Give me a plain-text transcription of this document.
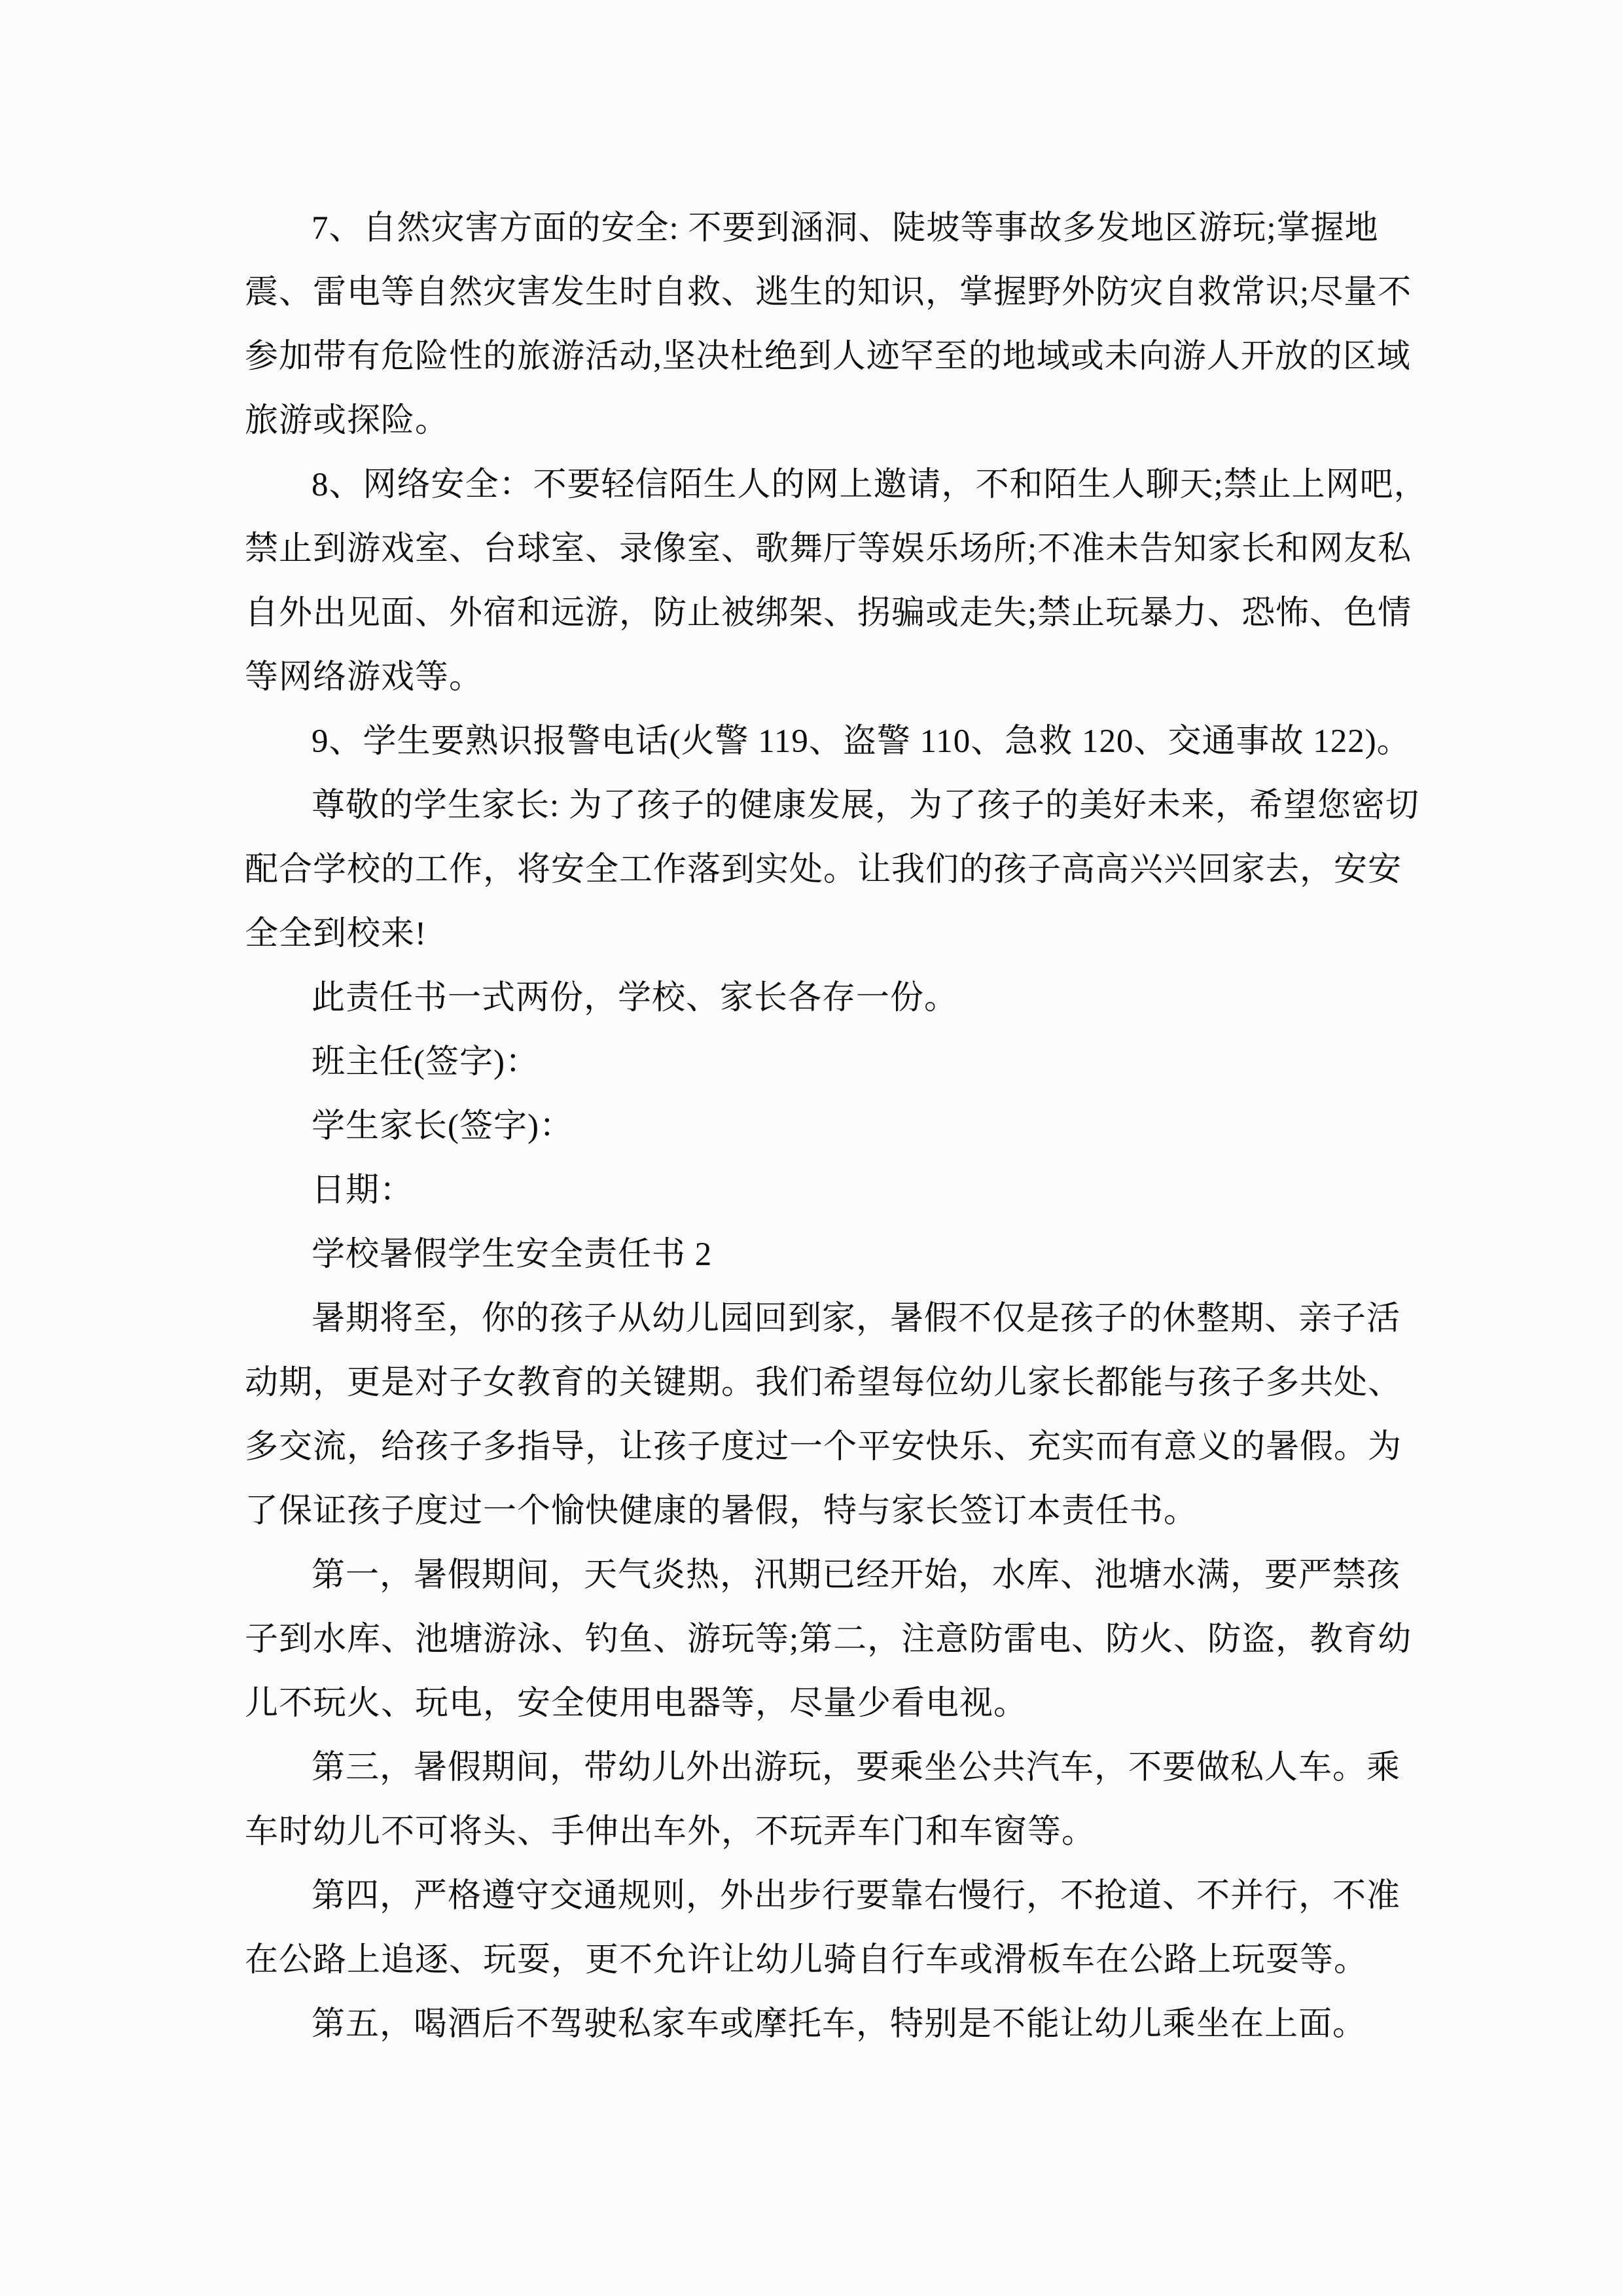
7、自然灾害方面的安全: 不要到涵洞、陡坡等事故多发地区游玩;掌握地震、雷电等自然灾害发生时自救、逃生的知识，掌握野外防灾自救常识;尽量不参加带有危险性的旅游活动,坚决杜绝到人迹罕至的地域或未向游人开放的区域旅游或探险。

8、网络安全：不要轻信陌生人的网上邀请，不和陌生人聊天;禁止上网吧，禁止到游戏室、台球室、录像室、歌舞厅等娱乐场所;不准未告知家长和网友私自外出见面、外宿和远游，防止被绑架、拐骗或走失;禁止玩暴力、恐怖、色情等网络游戏等。

9、学生要熟识报警电话(火警 119、盗警 110、急救 120、交通事故 122)。

尊敬的学生家长: 为了孩子的健康发展，为了孩子的美好未来，希望您密切配合学校的工作，将安全工作落到实处。让我们的孩子高高兴兴回家去，安安全全到校来!

此责任书一式两份，学校、家长各存一份。

班主任(签字)：

学生家长(签字)：

日期：

学校暑假学生安全责任书 2

暑期将至，你的孩子从幼儿园回到家，暑假不仅是孩子的休整期、亲子活动期，更是对子女教育的关键期。我们希望每位幼儿家长都能与孩子多共处、多交流，给孩子多指导，让孩子度过一个平安快乐、充实而有意义的暑假。为了保证孩子度过一个愉快健康的暑假，特与家长签订本责任书。

第一，暑假期间，天气炎热，汛期已经开始，水库、池塘水满，要严禁孩子到水库、池塘游泳、钓鱼、游玩等;第二，注意防雷电、防火、防盗，教育幼儿不玩火、玩电，安全使用电器等，尽量少看电视。

第三，暑假期间，带幼儿外出游玩，要乘坐公共汽车，不要做私人车。乘车时幼儿不可将头、手伸出车外，不玩弄车门和车窗等。

第四，严格遵守交通规则，外出步行要靠右慢行，不抢道、不并行，不准在公路上追逐、玩耍，更不允许让幼儿骑自行车或滑板车在公路上玩耍等。

第五，喝酒后不驾驶私家车或摩托车，特别是不能让幼儿乘坐在上面。
